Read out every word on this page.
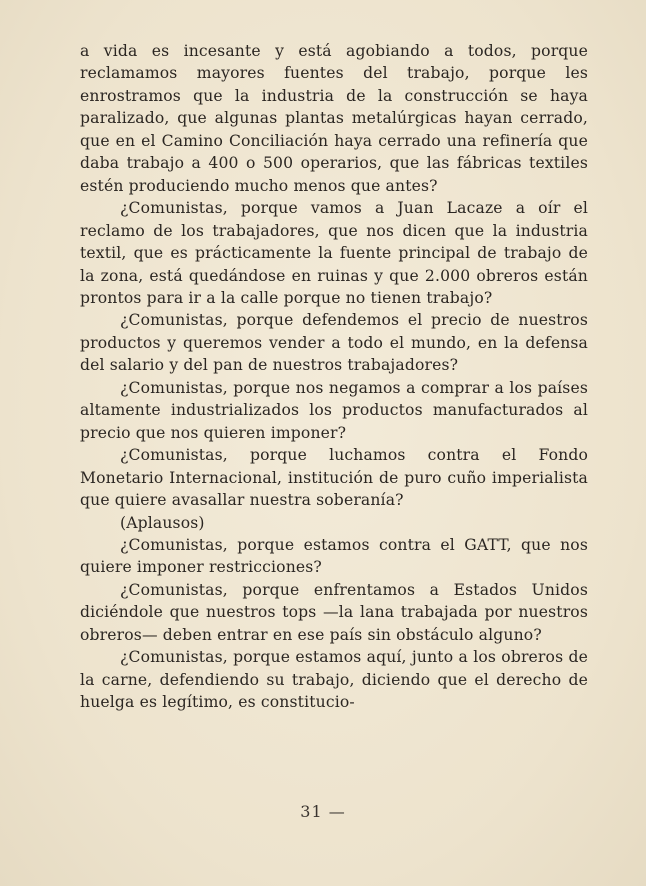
a vida es incesante y está agobiando a todos, porque reclamamos mayores fuentes del trabajo, porque les enrostramos que la industria de la construcción se haya paralizado, que algunas plantas metalúrgicas hayan cerrado, que en el Camino Conciliación haya cerrado una refinería que daba trabajo a 400 o 500 operarios, que las fábricas textiles estén produciendo mucho menos que antes?

¿Comunistas, porque vamos a Juan Lacaze a oír el reclamo de los trabajadores, que nos dicen que la industria textil, que es prácticamente la fuente principal de trabajo de la zona, está quedándose en ruinas y que 2.000 obreros están prontos para ir a la calle porque no tienen trabajo?

¿Comunistas, porque defendemos el precio de nuestros productos y queremos vender a todo el mundo, en la defensa del salario y del pan de nuestros trabajadores?

¿Comunistas, porque nos negamos a comprar a los países altamente industrializados los productos manufacturados al precio que nos quieren imponer?

¿Comunistas, porque luchamos contra el Fondo Monetario Internacional, institución de puro cuño imperialista que quiere avasallar nuestra soberanía?

(Aplausos)

¿Comunistas, porque estamos contra el GATT, que nos quiere imponer restricciones?

¿Comunistas, porque enfrentamos a Estados Unidos diciéndole que nuestros tops —la lana trabajada por nuestros obreros— deben entrar en ese país sin obstáculo alguno?

¿Comunistas, porque estamos aquí, junto a los obreros de la carne, defendiendo su trabajo, diciendo que el derecho de huelga es legítimo, es constitucio-

31 —
